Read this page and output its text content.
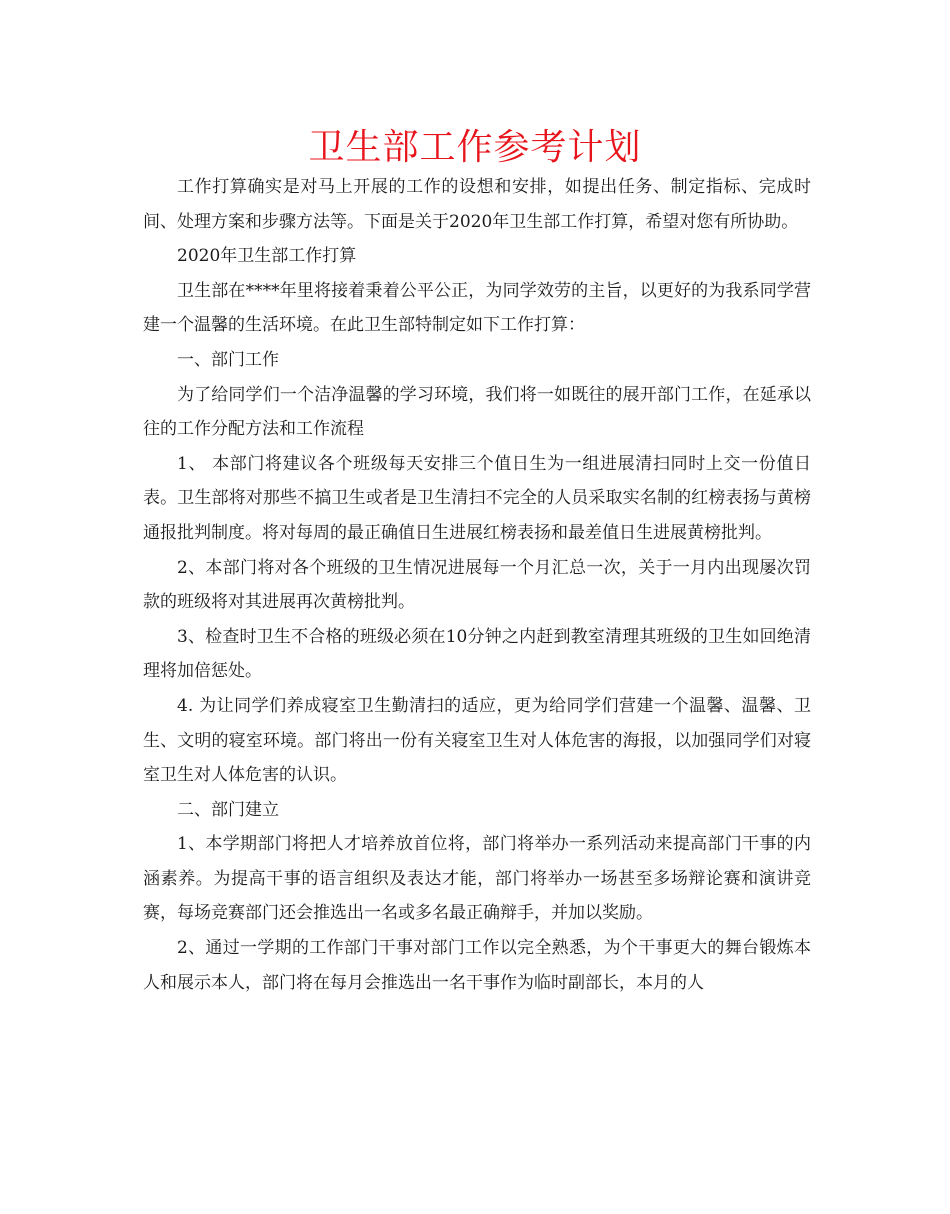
卫生部工作参考计划

工作打算确实是对马上开展的工作的设想和安排，如提出任务、制定指标、完成时间、处理方案和步骤方法等。下面是关于2020年卫生部工作打算，希望对您有所协助。

2020年卫生部工作打算

卫生部在****年里将接着秉着公平公正，为同学效劳的主旨，以更好的为我系同学营建一个温馨的生活环境。在此卫生部特制定如下工作打算：

一、部门工作

为了给同学们一个洁净温馨的学习环境，我们将一如既往的展开部门工作，在延承以往的工作分配方法和工作流程

1、 本部门将建议各个班级每天安排三个值日生为一组进展清扫同时上交一份值日表。卫生部将对那些不搞卫生或者是卫生清扫不完全的人员采取实名制的红榜表扬与黄榜通报批判制度。将对每周的最正确值日生进展红榜表扬和最差值日生进展黄榜批判。

2、本部门将对各个班级的卫生情况进展每一个月汇总一次，关于一月内出现屡次罚款的班级将对其进展再次黄榜批判。

3、检查时卫生不合格的班级必须在10分钟之内赶到教室清理其班级的卫生如回绝清理将加倍惩处。

4. 为让同学们养成寝室卫生勤清扫的适应，更为给同学们营建一个温馨、温馨、卫生、文明的寝室环境。部门将出一份有关寝室卫生对人体危害的海报，以加强同学们对寝室卫生对人体危害的认识。

二、部门建立

1、本学期部门将把人才培养放首位将，部门将举办一系列活动来提高部门干事的内涵素养。为提高干事的语言组织及表达才能，部门将举办一场甚至多场辩论赛和演讲竞赛，每场竞赛部门还会推选出一名或多名最正确辩手，并加以奖励。

2、通过一学期的工作部门干事对部门工作以完全熟悉，为个干事更大的舞台锻炼本人和展示本人，部门将在每月会推选出一名干事作为临时副部长，本月的人
